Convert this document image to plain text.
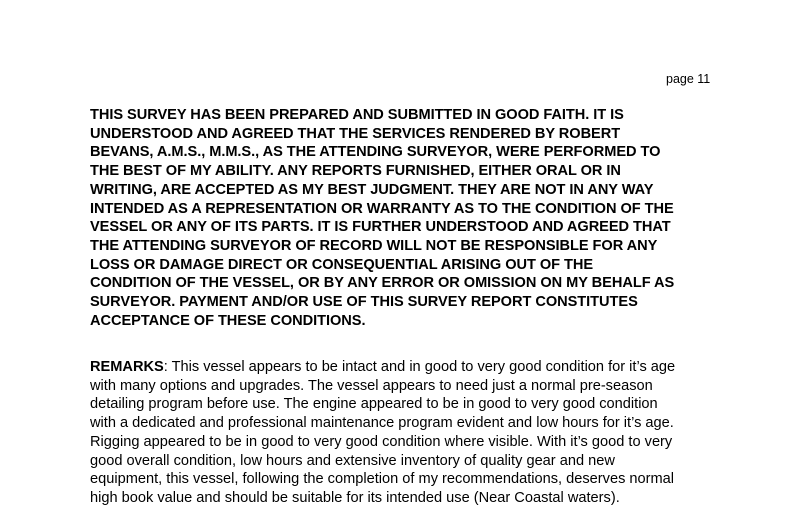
page 11

THIS SURVEY HAS BEEN PREPARED AND SUBMITTED IN GOOD FAITH. IT IS
UNDERSTOOD AND AGREED THAT THE SERVICES RENDERED BY ROBERT
BEVANS, A.M.S., M.M.S., AS THE ATTENDING SURVEYOR, WERE PERFORMED TO
THE BEST OF MY ABILITY. ANY REPORTS FURNISHED, EITHER ORAL OR IN
WRITING, ARE ACCEPTED AS MY BEST JUDGMENT. THEY ARE NOT IN ANY WAY
INTENDED AS A REPRESENTATION OR WARRANTY AS TO THE CONDITION OF THE
VESSEL OR ANY OF ITS PARTS. IT IS FURTHER UNDERSTOOD AND AGREED THAT
THE ATTENDING SURVEYOR OF RECORD WILL NOT BE RESPONSIBLE FOR ANY
LOSS OR DAMAGE DIRECT OR CONSEQUENTIAL ARISING OUT OF THE
CONDITION OF THE VESSEL, OR BY ANY ERROR OR OMISSION ON MY BEHALF AS
SURVEYOR. PAYMENT AND/OR USE OF THIS SURVEY REPORT CONSTITUTES
ACCEPTANCE OF THESE CONDITIONS.

REMARKS: This vessel appears to be intact and in good to very good condition for it’s age
with many options and upgrades. The vessel appears to need just a normal pre-season
detailing program before use. The engine appeared to be in good to very good condition
with a dedicated and professional maintenance program evident and low hours for it’s age.
Rigging appeared to be in good to very good condition where visible. With it’s good to very
good overall condition, low hours and extensive inventory of quality gear and new
equipment, this vessel, following the completion of my recommendations, deserves normal
high book value and should be suitable for its intended use (Near Coastal waters).
